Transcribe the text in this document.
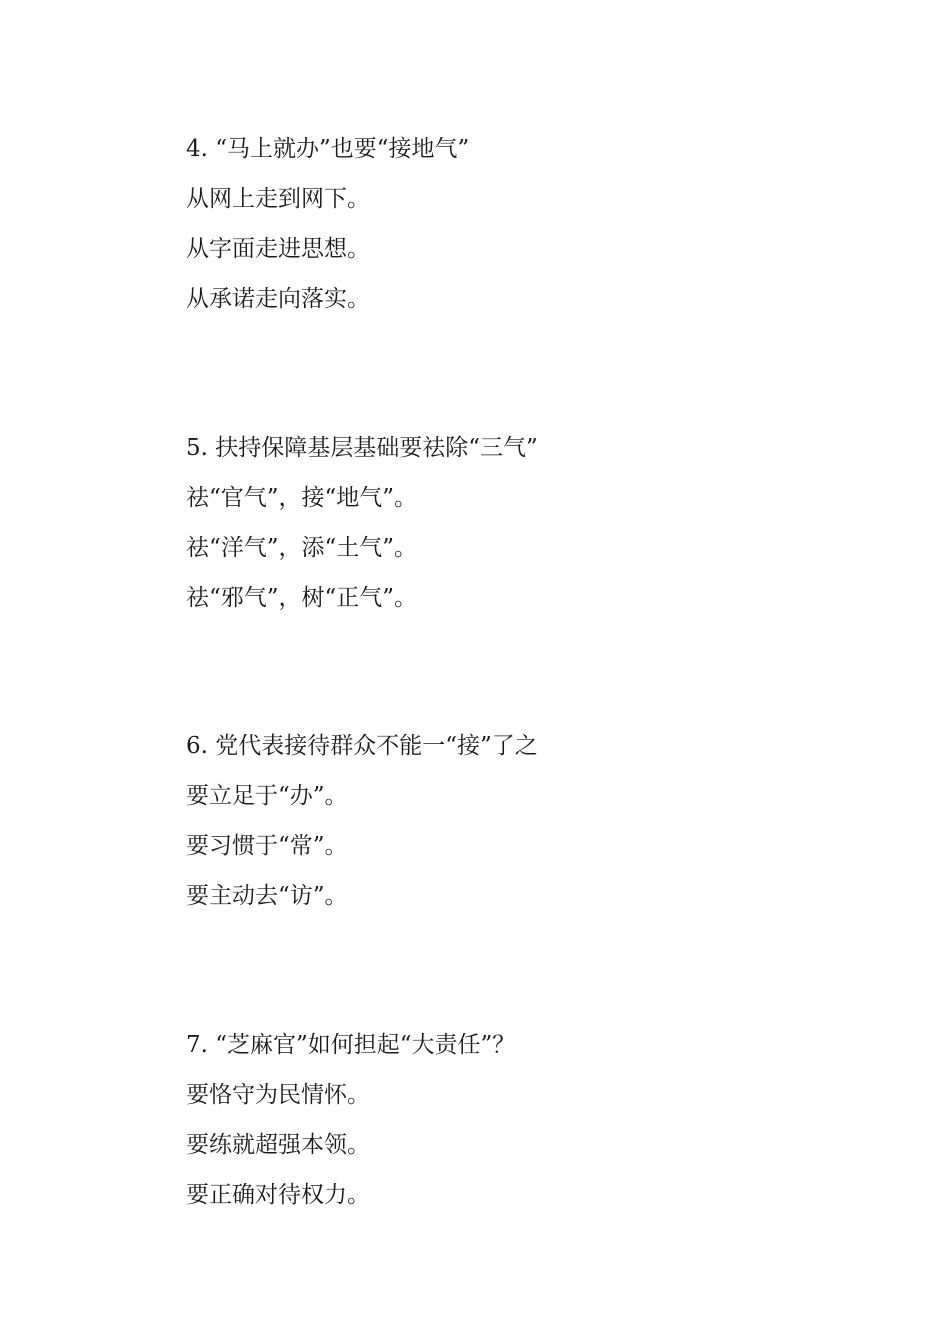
4. “马上就办”也要“接地气”
从网上走到网下。
从字面走进思想。
从承诺走向落实。
5. 扶持保障基层基础要祛除“三气”
祛“官气”，接“地气”。
祛“洋气”，添“土气”。
祛“邪气”，树“正气”。
6. 党代表接待群众不能一“接”了之
要立足于“办”。
要习惯于“常”。
要主动去“访”。
7. “芝麻官”如何担起“大责任”？
要恪守为民情怀。
要练就超强本领。
要正确对待权力。
